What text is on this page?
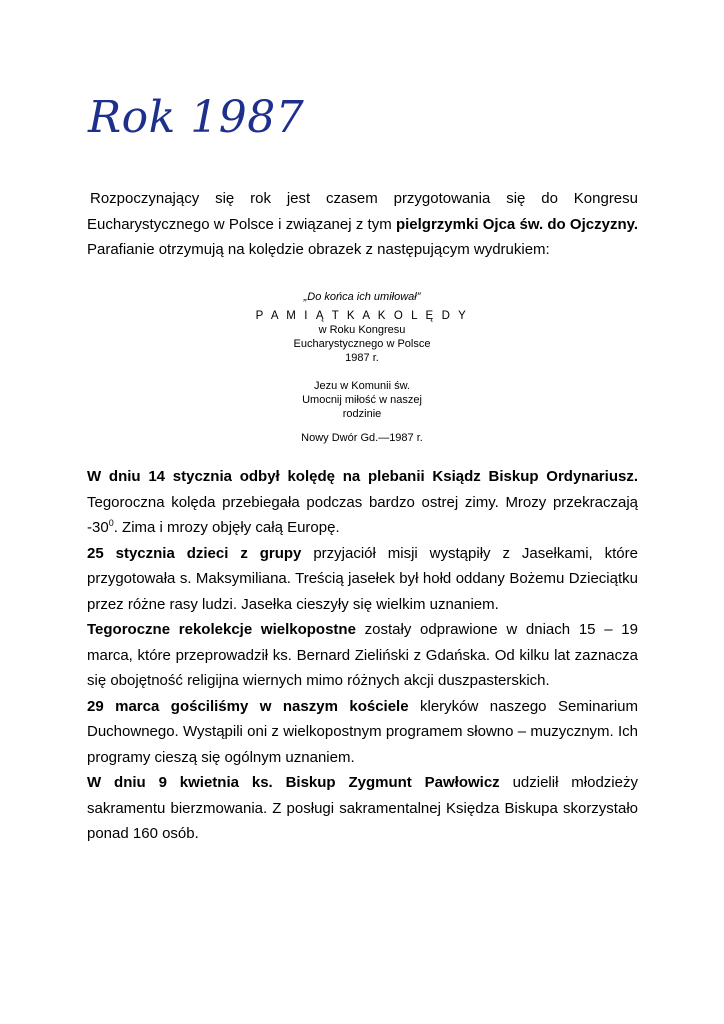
Rok 1987

Rozpoczynający się rok jest czasem przygotowania się do Kongresu Eucharystycznego w Polsce i związanej z tym pielgrzymki Ojca św. do Ojczyzny. Parafianie otrzymują na kolędzie obrazek z następującym wydrukiem:

„Do końca ich umiłował”
P A M I Ą T K A K O L Ę D Y
w Roku Kongresu
Eucharystycznego w Polsce
1987 r.
Jezu w Komunii św.
Umocnij miłość w naszej
rodzinie
Nowy Dwór Gd.—1987 r.

W dniu 14 stycznia odbył kolędę na plebanii Ksiądz Biskup Ordynariusz. Tegoroczna kolęda przebiegała podczas bardzo ostrej zimy. Mrozy przekraczają $-30^0$. Zima i mrozy objęły całą Europę.

25 stycznia dzieci z grupy przyjaciół misji wystąpiły z Jasełkami, które przygotowała s. Maksymiliana. Treścią jasełek był hołd oddany Bożemu Dzieciątku przez różne rasy ludzi. Jasełka cieszyły się wielkim uznaniem.

Tegoroczne rekolekcje wielkopostne zostały odprawione w dniach 15 – 19 marca, które przeprowadził ks. Bernard Zieliński z Gdańska. Od kilku lat zaznacza się obojętność religijna wiernych mimo różnych akcji duszpasterskich.

29 marca gościliśmy w naszym kościele kleryków naszego Seminarium Duchownego. Wystąpili oni z wielkopostnym programem słowno – muzycznym. Ich programy cieszą się ogólnym uznaniem.

W dniu 9 kwietnia ks. Biskup Zygmunt Pawłowicz udzielił młodzieży sakramentu bierzmowania. Z posługi sakramentalnej Księdza Biskupa skorzystało ponad 160 osób.
